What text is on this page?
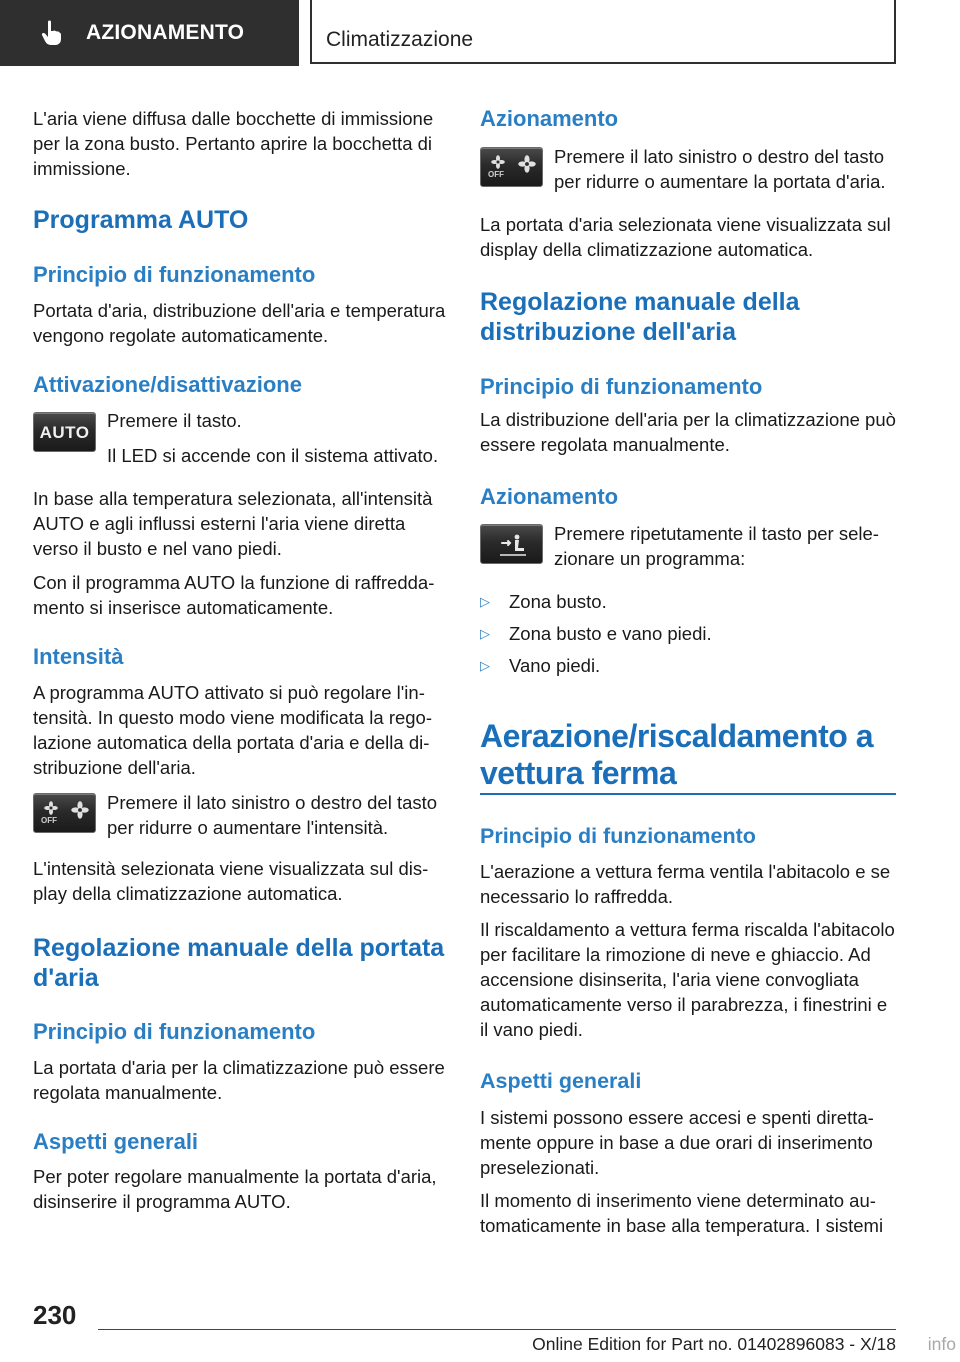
AZIONAMENTO	Climatizzazione
L'aria viene diffusa dalle bocchette di immissione per la zona busto. Pertanto aprire la bocchetta di immissione.
Programma AUTO
Principio di funzionamento
Portata d'aria, distribuzione dell'aria e temperatura vengono regolate automaticamente.
Attivazione/disattivazione
AUTO
Premere il tasto.
Il LED si accende con il sistema attivato.
In base alla temperatura selezionata, all'intensità AUTO e agli influssi esterni l'aria viene diretta verso il busto e nel vano piedi.
Con il programma AUTO la funzione di raffreddamento si inserisce automaticamente.
Intensità
A programma AUTO attivato si può regolare l'intensità. In questo modo viene modificata la regolazione automatica della portata d'aria e della distribuzione dell'aria.
OFF
Premere il lato sinistro o destro del tasto per ridurre o aumentare l'intensità.
L'intensità selezionata viene visualizzata sul display della climatizzazione automatica.
Regolazione manuale della portata d'aria
Principio di funzionamento
La portata d'aria per la climatizzazione può essere regolata manualmente.
Aspetti generali
Per poter regolare manualmente la portata d'aria, disinserire il programma AUTO.
Azionamento
OFF
Premere il lato sinistro o destro del tasto per ridurre o aumentare la portata d'aria.
La portata d'aria selezionata viene visualizzata sul display della climatizzazione automatica.
Regolazione manuale della distribuzione dell'aria
Principio di funzionamento
La distribuzione dell'aria per la climatizzazione può essere regolata manualmente.
Azionamento
Premere ripetutamente il tasto per selezionare un programma:
▷ Zona busto.
▷ Zona busto e vano piedi.
▷ Vano piedi.
Aerazione/riscaldamento a vettura ferma
Principio di funzionamento
L'aerazione a vettura ferma ventila l'abitacolo e se necessario lo raffredda.
Il riscaldamento a vettura ferma riscalda l'abitacolo per facilitare la rimozione di neve e ghiaccio. Ad accensione disinserita, l'aria viene convogliata automaticamente verso il parabrezza, i finestrini e il vano piedi.
Aspetti generali
I sistemi possono essere accesi e spenti direttamente oppure in base a due orari di inserimento preselezionati.
Il momento di inserimento viene determinato automaticamente in base alla temperatura. I sistemi
230
Online Edition for Part no. 01402896083 - X/18 info
